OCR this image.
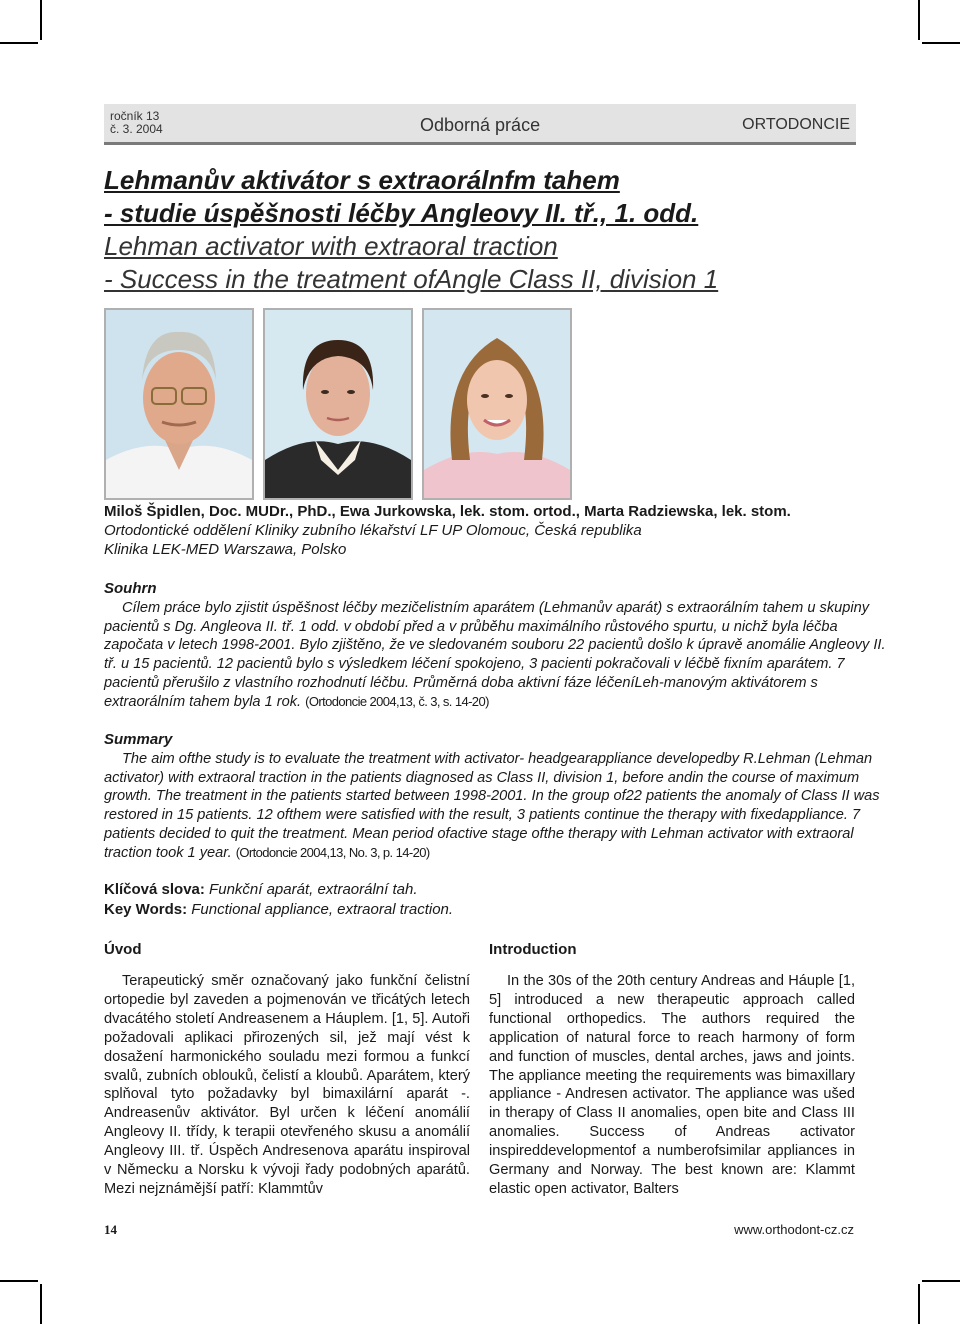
ročník 13
č. 3. 2004	Odborná práce	ORTODONCIE
Lehmanův aktivátor s extraorálnfm tahem
- studie úspěšnosti léčby Angleovy II. tř., 1. odd.
Lehman activator with extraoral traction
- Success in the treatment ofAngle Class II, division 1
Miloš Špidlen, Doc. MUDr., PhD., Ewa Jurkowska, lek. stom. ortod., Marta Radziewska, lek. stom.
Ortodontické oddělení Kliniky zubního lékařství LF UP Olomouc, Česká republika
Klinika LEK-MED Warszawa, Polsko
Souhrn
Cílem práce bylo zjistit úspěšnost léčby mezičelistním aparátem (Lehmanův aparát) s extraorálním tahem u skupiny pacientů s Dg. Angleova II. tř. 1 odd. v období před a v průběhu maximálního růstového spurtu, u nichž byla léčba započata v letech 1998-2001. Bylo zjištěno, že ve sledovaném souboru 22 pacientů došlo k úpravě anomálie Angleovy II. tř. u 15 pacientů. 12 pacientů bylo s výsledkem léčení spokojeno, 3 pacienti pokračovali v léčbě fixním aparátem. 7 pacientů přerušilo z vlastního rozhodnutí léčbu. Průměrná doba aktivní fáze léčeníLeh-manovým aktivátorem s extraorálním tahem byla 1 rok. (Ortodoncie 2004,13, č. 3, s. 14-20)
Summary
The aim ofthe study is to evaluate the treatment with activator- headgearappliance developedby R.Lehman (Lehman activator) with extraoral traction in the patients diagnosed as Class II, division 1, before andin the course of maximum growth. The treatment in the patients started between 1998-2001. In the group of22 patients the anomaly of Class II was restored in 15 patients. 12 ofthem were satisfied with the result, 3 patients continue the therapy with fixedappliance. 7 patients decided to quit the treatment. Mean period ofactive stage ofthe therapy with Lehman activator with extraoral traction took 1 year. (Ortodoncie 2004,13, No. 3, p. 14-20)
Klíčová slova: Funkční aparát, extraorální tah.
Key Words: Functional appliance, extraoral traction.
Úvod
Terapeutický směr označovaný jako funkční čelistní ortopedie byl zaveden a pojmenován ve třicátých letech dvacátého století Andreasenem a Háuplem. [1, 5]. Autoři požadovali aplikaci přirozených sil, jež mají vést k dosažení harmonického souladu mezi formou a funkcí svalů, zubních oblouků, čelistí a kloubů. Aparátem, který splňoval tyto požadavky byl bimaxilární aparát -. Andreasenův aktivátor. Byl určen k léčení anomálií Angleovy II. třídy, k terapii otevřeného skusu a anomálií Angleovy III. tř. Úspěch Andresenova aparátu inspiroval v Německu a Norsku k vývoji řady podobných aparátů. Mezi nejznámější patří: Klammtův
Introduction
In the 30s of the 20th century Andreas and Háuple [1, 5] introduced a new therapeutic approach called functional orthopedics. The authors required the application of natural force to reach harmony of form and function of muscles, dental arches, jaws and joints. The appliance meeting the requirements was bimaxillary appliance - Andresen activator. The appliance was ušed in therapy of Class II anomalies, open bite and Class III anomalies. Success of Andreas activator inspireddevelopmentof a numberofsimilar appliances in Germany and Norway. The best known are: Klammt elastic open activator, Balters
14	www.orthodont-cz.cz
